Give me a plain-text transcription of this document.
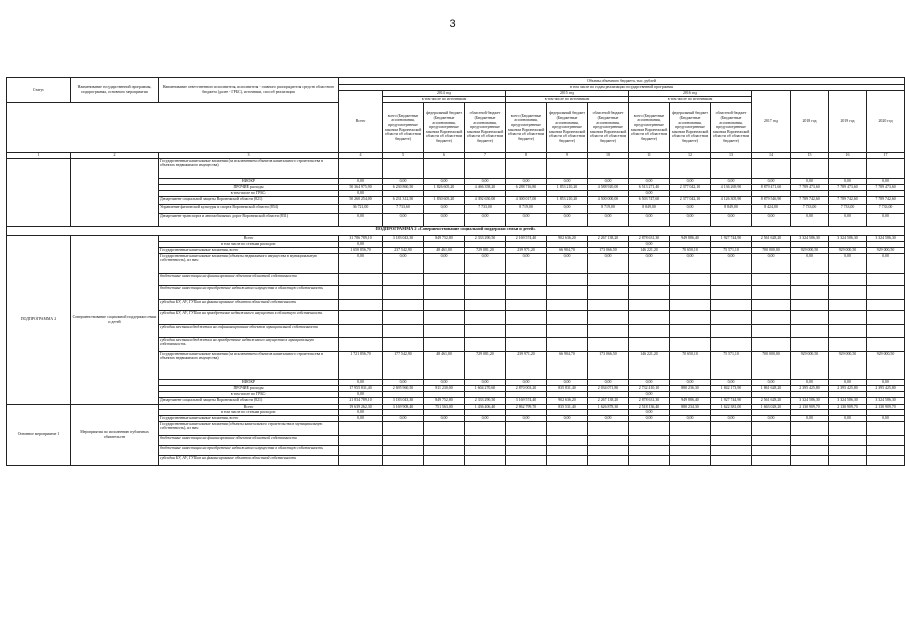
3
Статус	Наименование государственной программы, подпрограммы, основного мероприятия	Наименование ответственного исполнителя, исполнителя - главного распорядителя средств областного бюджета (далее - ГРБС), источники, способ реализации	Объемы объемного бюджета, тыс. рублей													
			в том числе по годам реализации государственной программы													
			Всего	2014 год			2015 год			2016 год			2017 год	2018 год	2019 год	2020 год
				в том числе по источникам			в том числе по источникам			в том числе по источникам						
				всего (Бюджетные ассигнования, предусмотренные законом Воронежской области об областном бюджете)	федеральный бюджет (Бюджетные ассигнования, предусмотренные законом Воронежской области об областном бюджете)	областной бюджет (Бюджетные ассигнования, предусмотренные законом Воронежской области об областном бюджете)	всего (Бюджетные ассигнования, предусмотренные законом Воронежской области об областном бюджете)	федеральный бюджет (Бюджетные ассигнования, предусмотренные законом Воронежской области об областном бюджете)	областной бюджет (Бюджетные ассигнования, предусмотренные законом Воронежской области об областном бюджете)	всего (Бюджетные ассигнования, предусмотренные законом Воронежской области об областном бюджете)	федеральный бюджет (Бюджетные ассигнования, предусмотренные законом Воронежской области об областном бюджете)	областной бюджет (Бюджетные ассигнования, предусмотренные законом Воронежской области об областном бюджете)				
1	2	3	4	5	6	7	8	9	10	11	12	13	14	15	16	17
		Государственные капитальные вложения (за исключением объектов капитального строительства в объектах недвижимого имущества)														
		НИОКР	0,00	0,00	0,00	0,00	0,00	0,00	0,00	0,00	0,00	0,00	0,00	0,00	0,00	0,00
		ПРОЧИЕ расходы	50 364 975,90	6 230 860,50	1 826 605,20	4 466 358,20	6 288 716,80	1 853 210,20	4 588 920,00	6 513 271,40	2 377 042,10	4 136 269,90	8 879 471,60	7 789 473,60	7 789 473,60	7 789 473,60
		в том числе по ГРБС:	0,00							0,00						
		Департамент социальной защиты Воронежской области (821)	50 260 254,00	6 231 312,50	1 830 605,20	4 392 650,00	4 300 017,00	1 853 210,20	4 500 000,00	6 503 747,60	2 377 042,10	4 126 305,90	8 879 546,90	7 789 742,60	7 789 742,60	7 789 742,60
		Управление физической культуры и спорта Воронежской области (854)	36 721,00	7 733,60	0,00	7 733,00	8 719,00	0,00	8 719,00	8 849,00	0,00	8 849,00	8 424,00	7 733,00	7 733,00	7 733,00
		Департамент транспорта и автомобильных дорог Воронежской области (831)	0,00	0,00	0,00	0,00	0,00	0,00	0,00	0,00	0,00	0,00	0,00	0,00	0,00	0,00
ПОДПРОГРАММА 2 «Совершенствование социальной поддержки семьи и детей»																
ПОДПРОГРАММА 2	Совершенствование социальной поддержки семьи и детей	Всего	31 786 789,10	3 183 043,30	849 752,80	2 333 290,50	2 169 574,40	902 636,20	2 267 138,20	2 878 631,30	949 886,40	1 927 744,90	2 561 628,20	3 324 586,30	3 324 586,30	3 324 586,30
		в том числе по статьям расходов:	0,00							0,00						
		Государственные капитальные вложения, всего	1 650 856,70	237 542,90	48 461,00	729 081,20	239 971,20	66 904,70	173 066,50	146 221,20	70 650,10	75 571,10	700 000,00	929 000,50	929 000,50	929 000,50
		Государственные капитальные вложения (объекты недвижимого имущества в муниципальную собственность), из них:	0,00	0,00	0,00	0,00	0,00	0,00	0,00	0,00	0,00	0,00	0,00	0,00	0,00	0,00
		бюджетные инвестиции на финансирование объектов областной собственности														
		бюджетные инвестиции на приобретение недвижимого имущества в областную собственность														
		субсидии БУ, АУ, ГУПам на финансирование объектов областной собственности														
		субсидии БУ, АУ, ГУПам на приобретение недвижимого имущества в областную собственность														
		субсидии местным бюджетам на софинансирование объектов муниципальной собственности														
		субсидии местным бюджетам на приобретение недвижимого имущества в муниципальную собственность														
		Государственные капитальные вложения (за исключением объектов капитального строительства в объектах недвижимого имущества)	1 721 856,70	177 542,90	48 461,00	729 081,20	239 971,20	66 904,70	173 066,50	146 221,20	70 650,10	75 571,10	700 000,00	929 000,50	929 000,50	929 000,50
		НИОКР	0,00	0,00	0,00	0,00	0,00	0,00	0,00	0,00	0,00	0,00	0,00	0,00	0,00	0,00
		ПРОЧИЕ расходы	17 955 831,40	2 695 960,50	811 230,00	1 604 270,60	2 870 003,20	835 831,40	2 034 071,80	2 732 410,10	880 236,30	1 842 173,90	1 861 628,20	2 395 425,80	2 395 425,80	2 395 425,80
		в том числе по ГРБС:	0,00							0,00						
		Департамент социальной защиты Воронежской области (821)	21 834 789,10	3 183 043,30	849 752,80	2 333 290,50	3 169 574,40	902 636,20	2 267 138,20	2 878 631,30	949 886,40	1 927 744,90	2 561 628,20	3 324 586,30	3 324 586,30	3 324 586,30
Основное мероприятие 1	Мероприятия по исполнению публичных обязательств	Всего	19 639 262,30	3 169 908,40	751 563,00	1 436 406,40	2 862 799,70	835 531,40	1 626 878,30	2 518 136,40	880 234,30	1 622 381,00	1 663 028,20	2 130 909,70	2 130 909,70	2 130 909,70
		в том числе по статьям расходов:	0,00							0,00						
		Государственные капитальные вложения, всего	0,00	0,00	0,00	0,00	0,00	0,00	0,00	0,00	0,00	0,00	0,00	0,00	0,00	0,00
		Государственные капитальные вложения (объекты капитального строительства в муниципальную собственность), из них:														
		бюджетные инвестиции на финансирование объектов областной собственности														
		бюджетные инвестиции на приобретение недвижимого имущества в областную собственность														
		субсидии БУ, АУ, ГУПам на финансирование объектов областной собственности														
